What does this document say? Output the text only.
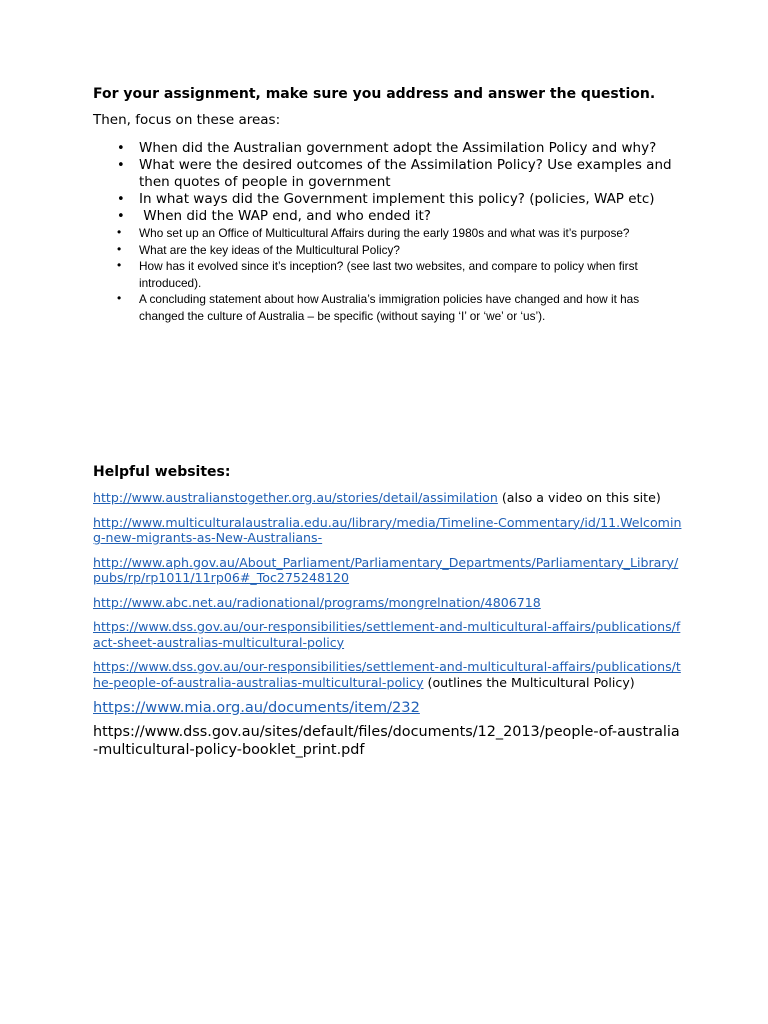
For your assignment, make sure you address and answer the question.
Then, focus on these areas:
• When did the Australian government adopt the Assimilation Policy and why?
• What were the desired outcomes of the Assimilation Policy? Use examples and then quotes of people in government
• In what ways did the Government implement this policy? (policies, WAP etc)
• When did the WAP end, and who ended it?
• Who set up an Office of Multicultural Affairs during the early 1980s and what was it’s purpose?
• What are the key ideas of the Multicultural Policy?
• How has it evolved since it’s inception? (see last two websites, and compare to policy when first introduced).
• A concluding statement about how Australia’s immigration policies have changed and how it has changed the culture of Australia – be specific (without saying ‘I’ or ‘we’ or ‘us’).
Helpful websites:
http://www.australianstogether.org.au/stories/detail/assimilation (also a video on this site)
http://www.multiculturalaustralia.edu.au/library/media/Timeline-Commentary/id/11.Welcoming-new-migrants-as-New-Australians-
http://www.aph.gov.au/About_Parliament/Parliamentary_Departments/Parliamentary_Library/pubs/rp/rp1011/11rp06#_Toc275248120
http://www.abc.net.au/radionational/programs/mongrelnation/4806718
https://www.dss.gov.au/our-responsibilities/settlement-and-multicultural-affairs/publications/fact-sheet-australias-multicultural-policy
https://www.dss.gov.au/our-responsibilities/settlement-and-multicultural-affairs/publications/the-people-of-australia-australias-multicultural-policy (outlines the Multicultural Policy)
https://www.mia.org.au/documents/item/232
https://www.dss.gov.au/sites/default/files/documents/12_2013/people-of-australia-multicultural-policy-booklet_print.pdf
